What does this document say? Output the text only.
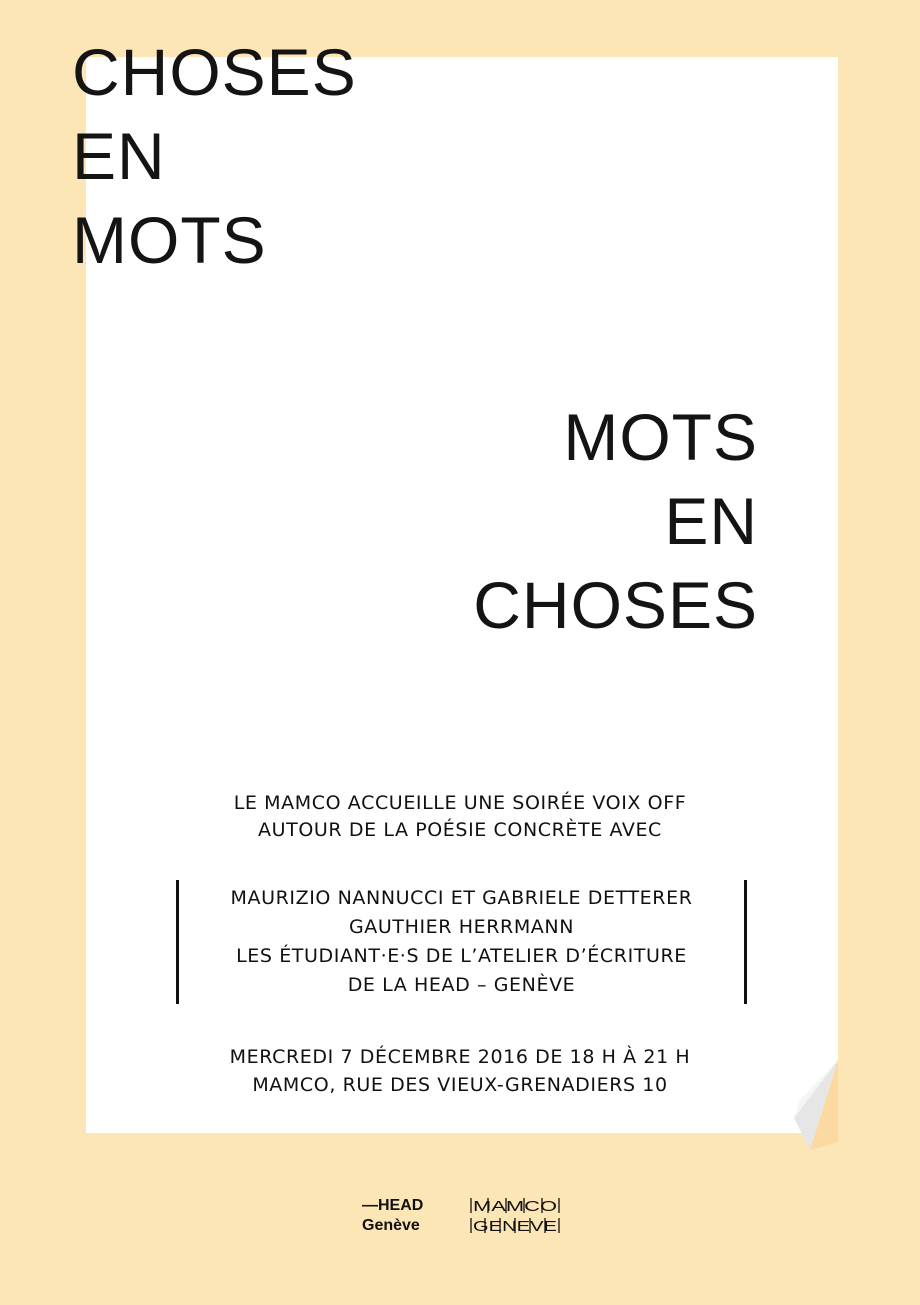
CHOSES
EN
MOTS
MOTS
EN
CHOSES
LE MAMCO ACCUEILLE UNE SOIRÉE VOIX OFF
AUTOUR DE LA POÉSIE CONCRÈTE AVEC
MAURIZIO NANNUCCI ET GABRIELE DETTERER
GAUTHIER HERRMANN
LES ÉTUDIANT·E·S DE L’ATELIER D’ÉCRITURE
DE LA HEAD – GENÈVE
MERCREDI 7 DÉCEMBRE 2016 DE 18 H À 21 H
MAMCO, RUE DES VIEUX-GRENADIERS 10
—HEAD
Genève
MAMCO
GENEVE
